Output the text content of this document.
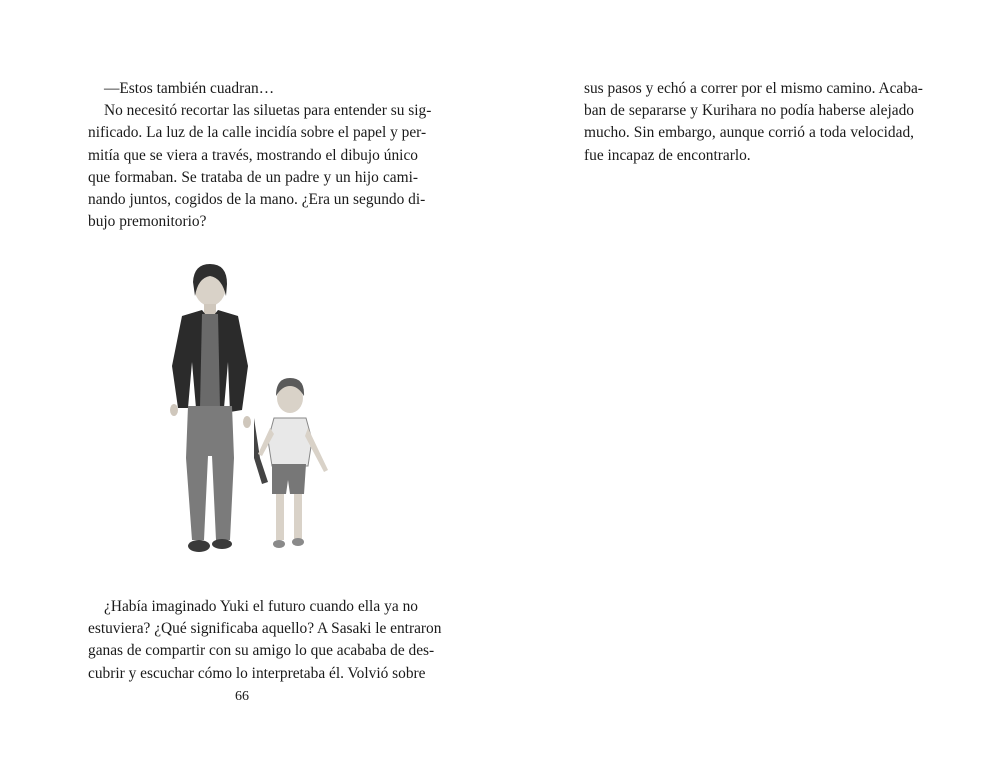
—Estos también cuadran…
No necesitó recortar las siluetas para entender su sig-
nificado. La luz de la calle incidía sobre el papel y per-
mitía que se viera a través, mostrando el dibujo único
que formaban. Se trataba de un padre y un hijo cami-
nando juntos, cogidos de la mano. ¿Era un segundo di-
bujo premonitorio?
¿Había imaginado Yuki el futuro cuando ella ya no
estuviera? ¿Qué significaba aquello? A Sasaki le entraron
ganas de compartir con su amigo lo que acababa de des-
cubrir y escuchar cómo lo interpretaba él. Volvió sobre
66
sus pasos y echó a correr por el mismo camino. Acaba-
ban de separarse y Kurihara no podía haberse alejado
mucho. Sin embargo, aunque corrió a toda velocidad,
fue incapaz de encontrarlo.
